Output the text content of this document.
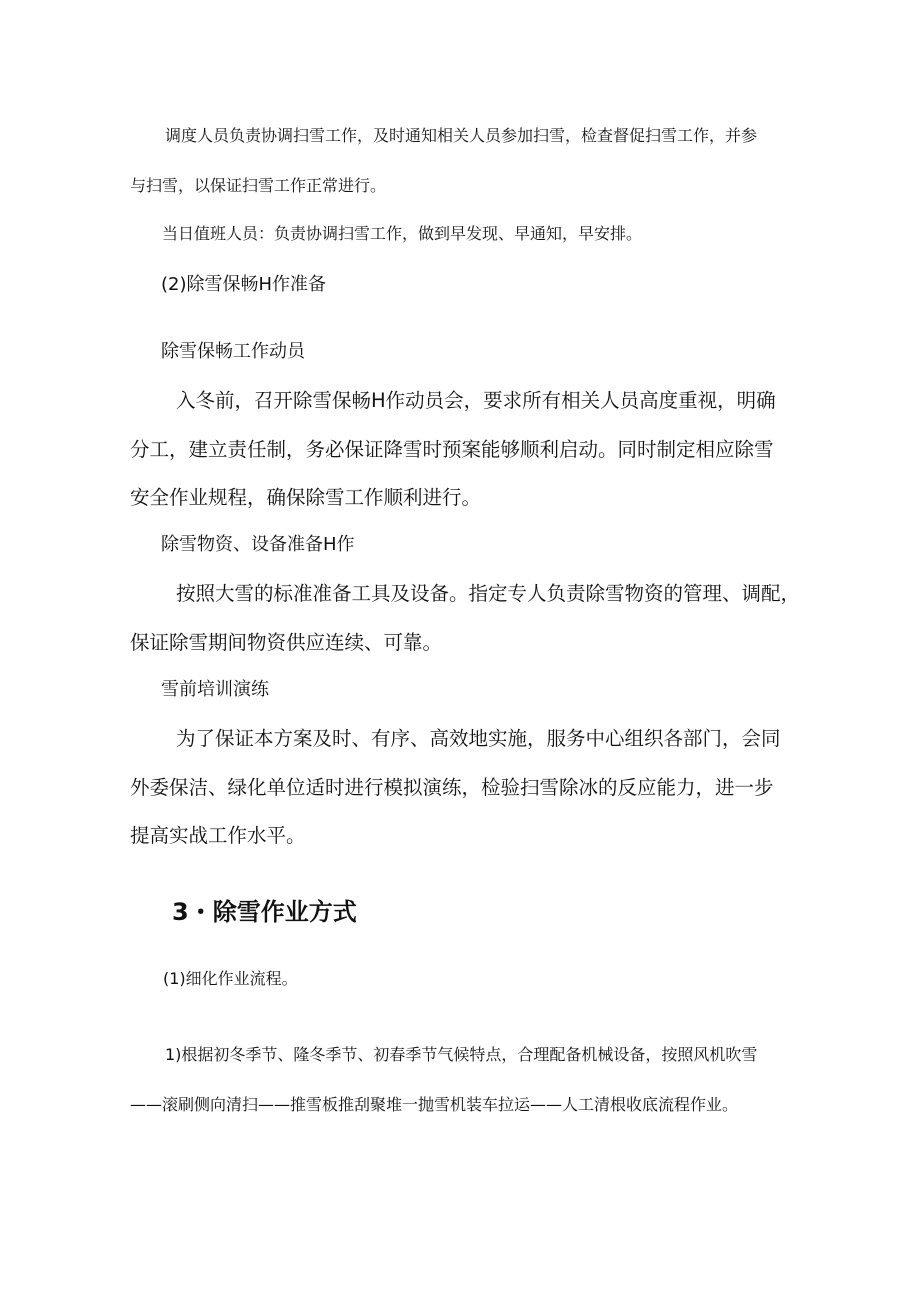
调度人员负责协调扫雪工作，及时通知相关人员参加扫雪，检查督促扫雪工作，并参
与扫雪，以保证扫雪工作正常进行。
当日值班人员：负责协调扫雪工作，做到早发现、早通知，早安排。
(2)除雪保畅H作准备
除雪保畅工作动员
入冬前，召开除雪保畅H作动员会，要求所有相关人员高度重视，明确
分工，建立责任制，务必保证降雪时预案能够顺利启动。同时制定相应除雪
安全作业规程，确保除雪工作顺利进行。
除雪物资、设备准备H作
按照大雪的标准准备工具及设备。指定专人负责除雪物资的管理、调配，
保证除雪期间物资供应连续、可靠。
雪前培训演练
为了保证本方案及时、有序、高效地实施，服务中心组织各部门，会同
外委保洁、绿化单位适时进行模拟演练，检验扫雪除冰的反应能力，进一步
提高实战工作水平。
3・除雪作业方式
(1)细化作业流程。
1)根据初冬季节、隆冬季节、初春季节气候特点，合理配备机械设备，按照风机吹雪
——滚刷侧向清扫——推雪板推刮聚堆一抛雪机装车拉运——人工清根收底流程作业。
